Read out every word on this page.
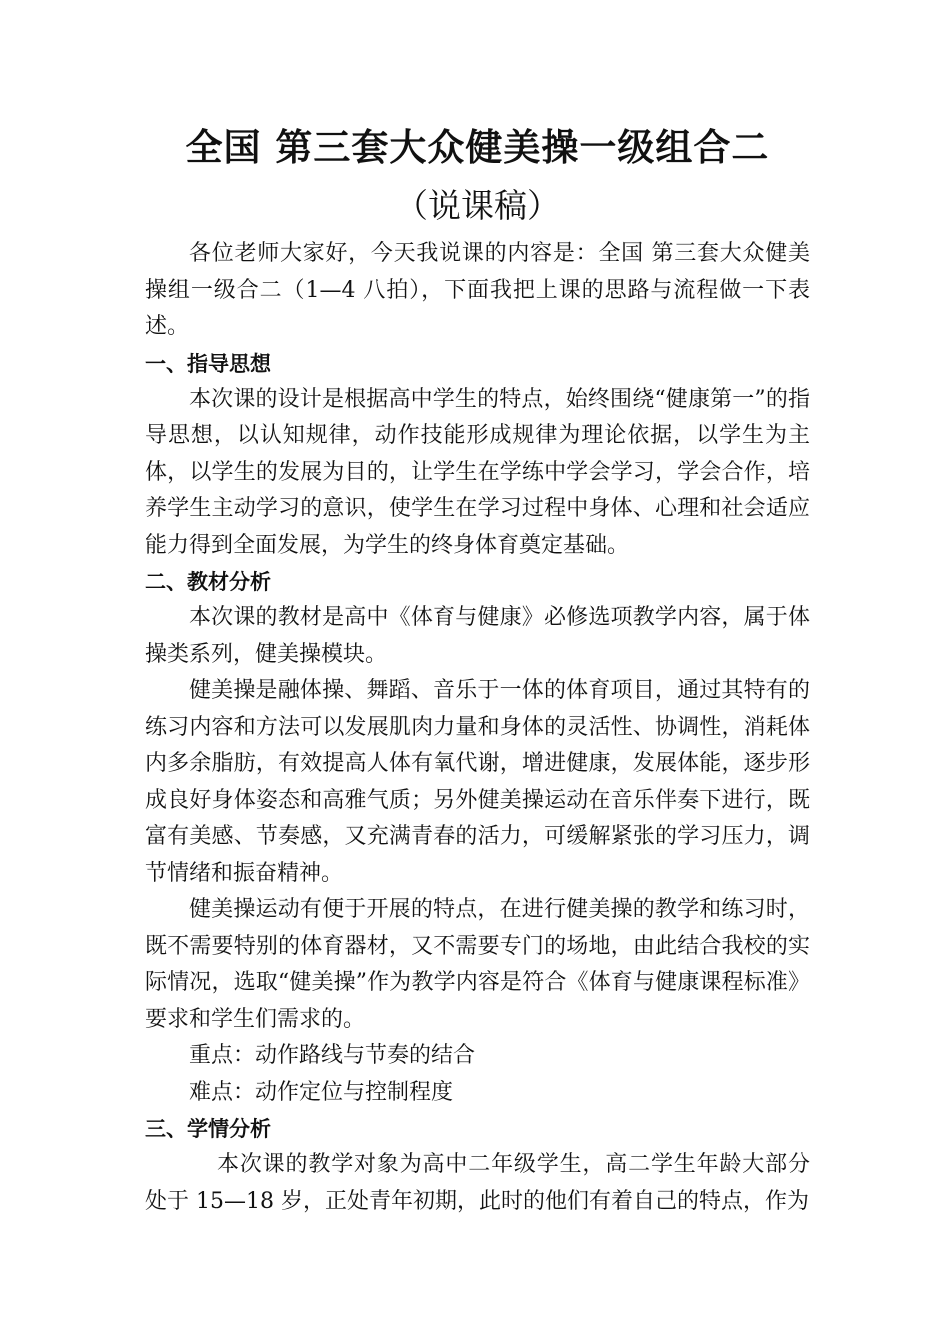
全国 第三套大众健美操一级组合二
（说课稿）

各位老师大家好，今天我说课的内容是：全国 第三套大众健美操组一级合二（1—4 八拍），下面我把上课的思路与流程做一下表述。

一、指导思想

本次课的设计是根据高中学生的特点，始终围绕“健康第一”的指导思想，以认知规律，动作技能形成规律为理论依据，以学生为主体，以学生的发展为目的，让学生在学练中学会学习，学会合作，培养学生主动学习的意识，使学生在学习过程中身体、心理和社会适应能力得到全面发展，为学生的终身体育奠定基础。

二、教材分析

本次课的教材是高中《体育与健康》必修选项教学内容，属于体操类系列，健美操模块。

健美操是融体操、舞蹈、音乐于一体的体育项目，通过其特有的练习内容和方法可以发展肌肉力量和身体的灵活性、协调性，消耗体内多余脂肪，有效提高人体有氧代谢，增进健康，发展体能，逐步形成良好身体姿态和高雅气质；另外健美操运动在音乐伴奏下进行，既富有美感、节奏感，又充满青春的活力，可缓解紧张的学习压力，调节情绪和振奋精神。

健美操运动有便于开展的特点，在进行健美操的教学和练习时，既不需要特别的体育器材，又不需要专门的场地，由此结合我校的实际情况，选取“健美操”作为教学内容是符合《体育与健康课程标准》要求和学生们需求的。

重点：动作路线与节奏的结合

难点：动作定位与控制程度

三、学情分析

本次课的教学对象为高中二年级学生，高二学生年龄大部分处于 15—18 岁，正处青年初期，此时的他们有着自己的特点，作为
